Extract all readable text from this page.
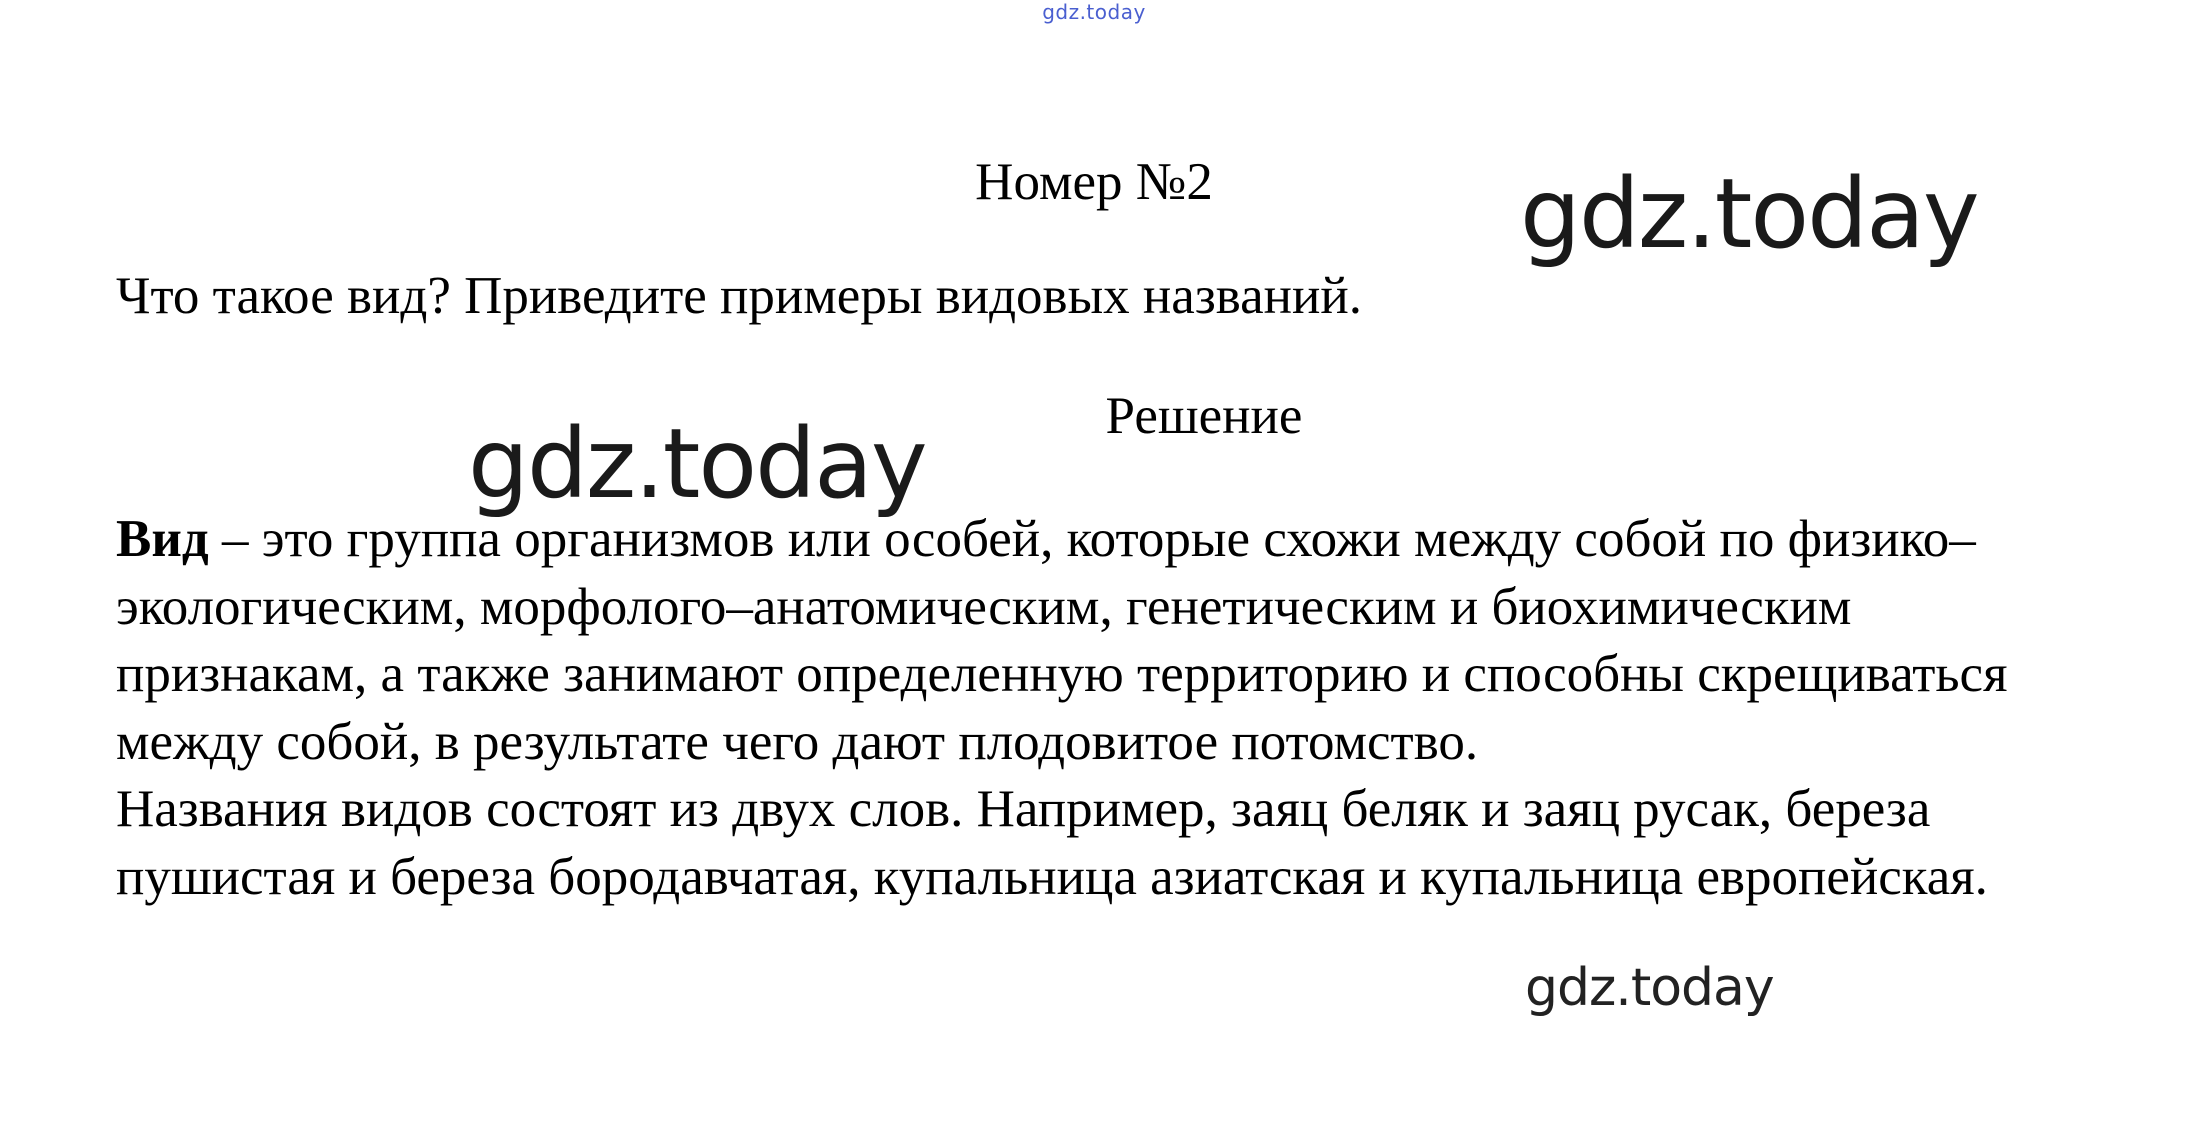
gdz.today
Номер №2
Что такое вид? Приведите примеры видовых названий.
Решение

Вид – это группа организмов или особей, которые схожи между собой по физико‒экологическим, морфолого‒анатомическим, генетическим и биохимическим признакам, а также занимают определенную территорию и способны скрещиваться между собой, в результате чего дают плодовитое потомство.

Названия видов состоят из двух слов. Например, заяц беляк и заяц русак, береза пушистая и береза бородавчатая, купальница азиатская и купальница европейская.

gdz.today
gdz.today
gdz.today
